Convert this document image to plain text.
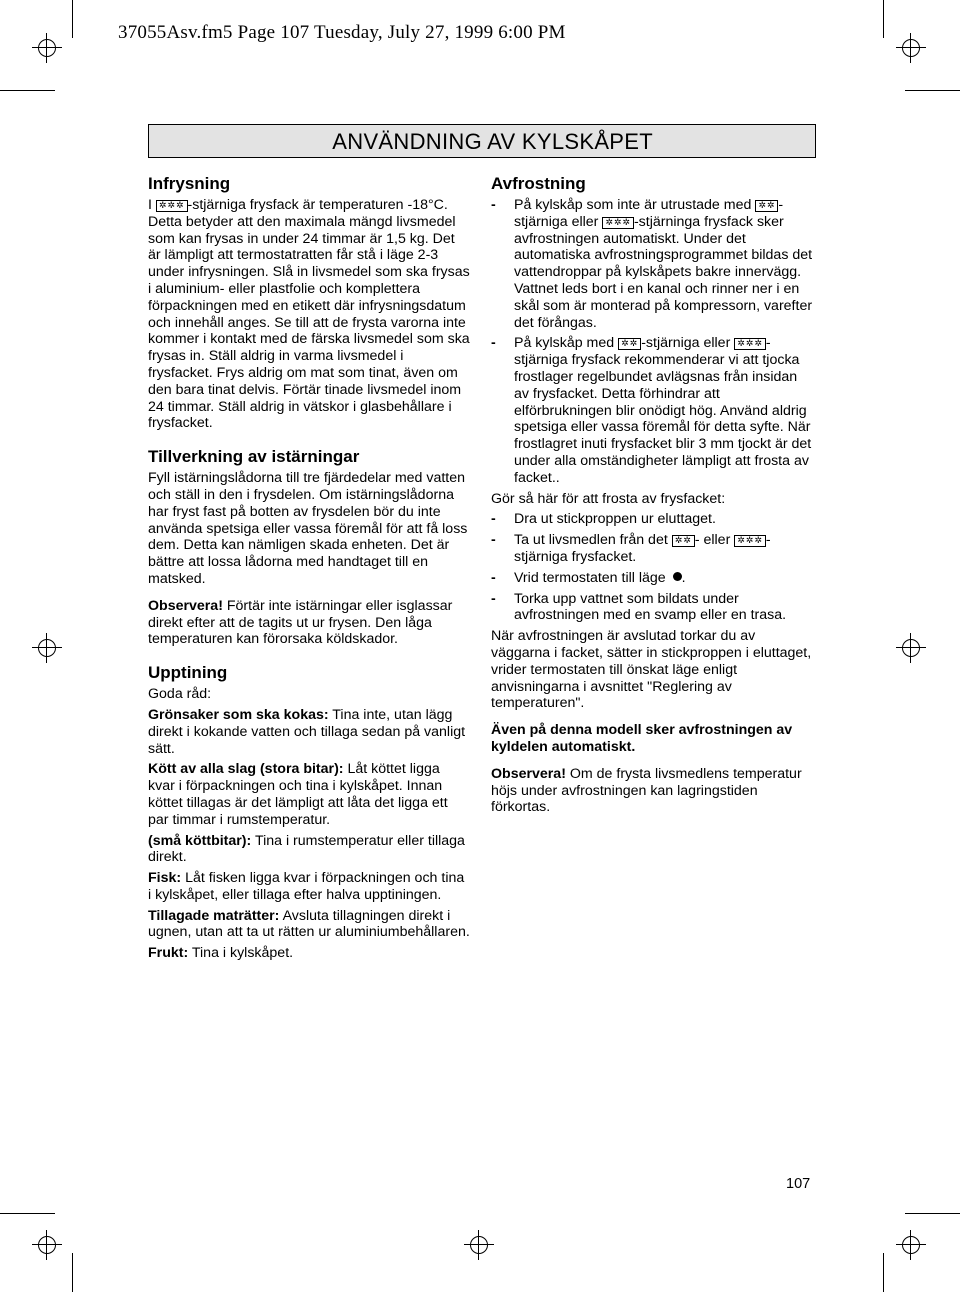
37055Asv.fm5 Page 107 Tuesday, July 27, 1999 6:00 PM
ANVÄNDNING AV KYLSKÅPET
Infrysning

I ✲✲✲ -stjärniga frysfack är temperaturen -18°C. Detta betyder att den maximala mängd livsmedel som kan frysas in under 24 timmar är 1,5 kg. Det är lämpligt att termostatratten får stå i läge 2-3 under infrysningen. Slå in livsmedel som ska frysas i aluminium- eller plastfolie och komplettera förpackningen med en etikett där infrysningsdatum och innehåll anges. Se till att de frysta varorna inte kommer i kontakt med de färska livsmedel som ska frysas in. Ställ aldrig in varma livsmedel i frysfacket. Frys aldrig om mat som tinat, även om den bara tinat delvis. Förtär tinade livsmedel inom 24 timmar. Ställ aldrig in vätskor i glasbehållare i frysfacket.

Tillverkning av istärningar

Fyll istärningslådorna till tre fjärdedelar med vatten och ställ in den i frysdelen. Om istärningslådorna har fryst fast på botten av frysdelen bör du inte använda spetsiga eller vassa föremål för att få loss dem. Detta kan nämligen skada enheten. Det är bättre att lossa lådorna med handtaget till en matsked.

Observera! Förtär inte istärningar eller isglassar direkt efter att de tagits ut ur frysen. Den låga temperaturen kan förorsaka köldskador.

Upptining

Goda råd:

Grönsaker som ska kokas: Tina inte, utan lägg direkt i kokande vatten och tillaga sedan på vanligt sätt.

Kött av alla slag (stora bitar): Låt köttet ligga kvar i förpackningen och tina i kylskåpet. Innan köttet tillagas är det lämpligt att låta det ligga ett par timmar i rumstemperatur.

(små köttbitar): Tina i rumstemperatur eller tillaga direkt.

Fisk: Låt fisken ligga kvar i förpackningen och tina i kylskåpet, eller tillaga efter halva upptiningen.

Tillagade maträtter: Avsluta tillagningen direkt i ugnen, utan att ta ut rätten ur aluminiumbehållaren.

Frukt: Tina i kylskåpet.

Avfrostning
-	På kylskåp som inte är utrustade med ✲✲ -stjärniga eller ✲✲✲ -stjärninga frysfack sker avfrostningen automatiskt. Under det automatiska avfrostningsprogrammet bildas det vattendroppar på kylskåpets bakre innervägg. Vattnet leds bort i en kanal och rinner ner i en skål som är monterad på kompressorn, varefter det förångas.
-	På kylskåp med ✲✲ -stjärniga eller ✲✲✲ -stjärniga frysfack rekommenderar vi att tjocka frostlager regelbundet avlägsnas från insidan av frysfacket. Detta förhindrar att elförbrukningen blir onödigt hög. Använd aldrig spetsiga eller vassa föremål för detta syfte. När frostlagret inuti frysfacket blir 3 mm tjockt är det under alla omständigheter lämpligt att frosta av facket..

Gör så här för att frosta av frysfacket:

-	Dra ut stickproppen ur eluttaget.
-	Ta ut livsmedlen från det ✲✲ - eller ✲✲✲ -stjärniga frysfacket.
-	Vrid termostaten till läge .
-	Torka upp vattnet som bildats under avfrostningen med en svamp eller en trasa.

När avfrostningen är avslutad torkar du av väggarna i facket, sätter in stickproppen i eluttaget, vrider termostaten till önskat läge enligt anvisningarna i avsnittet "Reglering av temperaturen".

Även på denna modell sker avfrostningen av kyldelen automatiskt.

Observera! Om de frysta livsmedlens temperatur höjs under avfrostningen kan lagringstiden förkortas.

107
